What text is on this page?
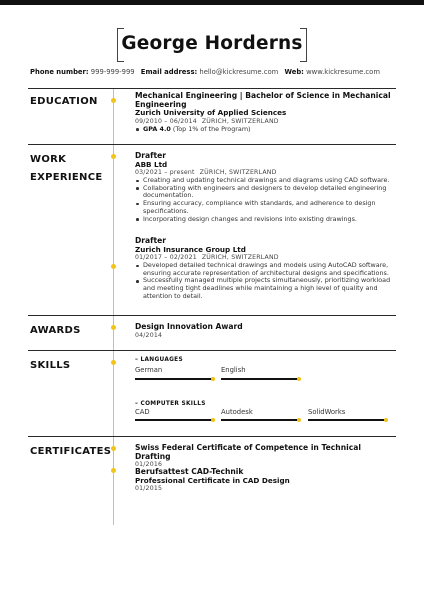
George Horderns
Phone number: 999-999-999 Email address: hello@kickresume.com Web: www.kickresume.com
EDUCATION
WORK
EXPERIENCE
AWARDS
SKILLS
CERTIFICATES
Mechanical Engineering | Bachelor of Science in Mechanical Engineering
Zurich University of Applied Sciences
09/2010 – 06/2014 ZÜRICH, SWITZERLAND
GPA 4.0 (Top 1% of the Program)
Drafter
ABB Ltd
03/2021 – present ZÜRICH, SWITZERLAND
Creating and updating technical drawings and diagrams using CAD software.
Collaborating with engineers and designers to develop detailed engineering documentation.
Ensuring accuracy, compliance with standards, and adherence to design specifications.
Incorporating design changes and revisions into existing drawings.
Drafter
Zurich Insurance Group Ltd
01/2017 – 02/2021 ZÜRICH, SWITZERLAND
Developed detailed technical drawings and models using AutoCAD software, ensuring accurate representation of architectural designs and specifications.
Successfully managed multiple projects simultaneously, prioritizing workload and meeting tight deadlines while maintaining a high level of quality and attention to detail.
Design Innovation Award
04/2014
– LANGUAGES
German	English
– COMPUTER SKILLS
CAD	Autodesk	SolidWorks
Swiss Federal Certificate of Competence in Technical Drafting
01/2016
Berufsattest CAD-Technik
Professional Certificate in CAD Design
01/2015
